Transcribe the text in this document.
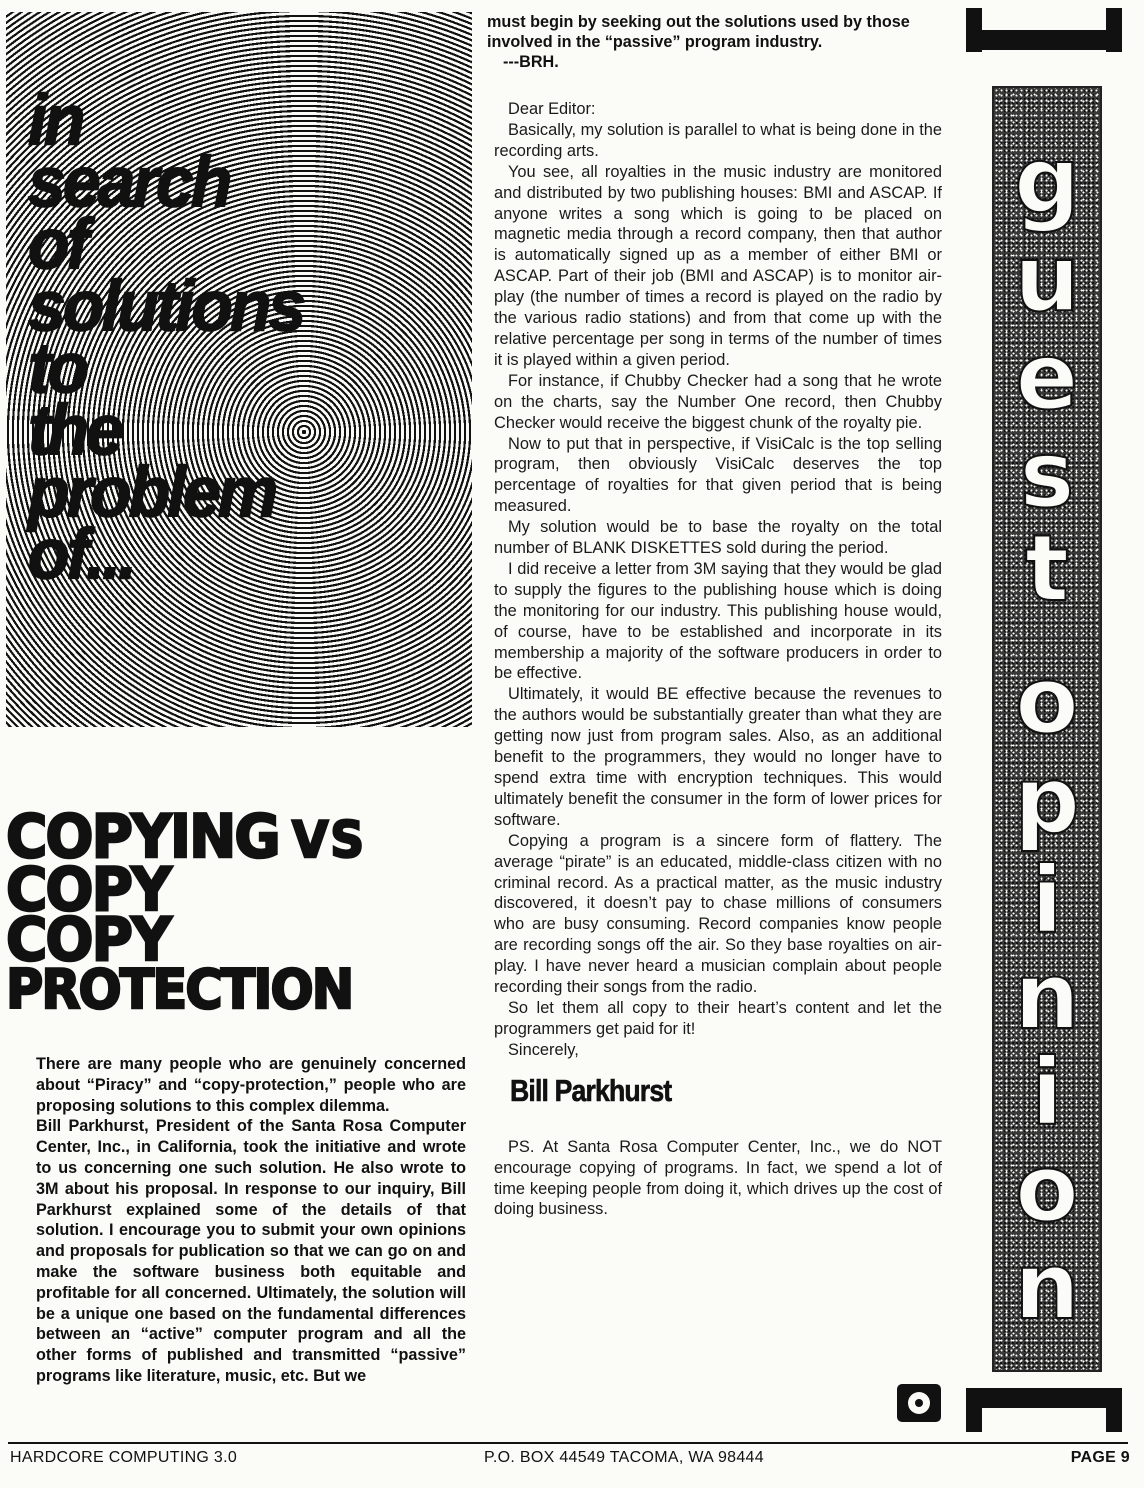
in
search
of
solutions
to
the
problem
of...
COPYING VS
COPY
COPY
PROTECTION

There are many people who are genuinely concerned about “Piracy” and “copy-protection,” people who are proposing solutions to this complex dilemma.

Bill Parkhurst, President of the Santa Rosa Computer Center, Inc., in California, took the initiative and wrote to us concerning one such solution. He also wrote to 3M about his proposal. In response to our inquiry, Bill Parkhurst explained some of the details of that solution. I encourage you to submit your own opinions and proposals for publication so that we can go on and make the software business both equitable and profitable for all concerned. Ultimately, the solution will be a unique one based on the fundamental differences between an “active” computer program and all the other forms of published and transmitted “passive” programs like literature, music, etc. But we

must begin by seeking out the solutions used by those involved in the “passive” program industry.

---BRH.

Dear Editor:

Basically, my solution is parallel to what is being done in the recording arts.

You see, all royalties in the music industry are monitored and distributed by two publishing houses: BMI and ASCAP. If anyone writes a song which is going to be placed on magnetic media through a record company, then that author is automatically signed up as a member of either BMI or ASCAP. Part of their job (BMI and ASCAP) is to monitor air-play (the number of times a record is played on the radio by the various radio stations) and from that come up with the relative percentage per song in terms of the number of times it is played within a given period.

For instance, if Chubby Checker had a song that he wrote on the charts, say the Number One record, then Chubby Checker would receive the biggest chunk of the royalty pie.

Now to put that in perspective, if VisiCalc is the top selling program, then obviously VisiCalc deserves the top percentage of royalties for that given period that is being measured.

My solution would be to base the royalty on the total number of BLANK DISKETTES sold during the period.

I did receive a letter from 3M saying that they would be glad to supply the figures to the publishing house which is doing the monitoring for our industry. This publishing house would, of course, have to be established and incorporate in its membership a majority of the software producers in order to be effective.

Ultimately, it would BE effective because the revenues to the authors would be substantially greater than what they are getting now just from program sales. Also, as an additional benefit to the programmers, they would no longer have to spend extra time with encryption techniques. This would ultimately benefit the consumer in the form of lower prices for software.

Copying a program is a sincere form of flattery. The average “pirate” is an educated, middle-class citizen with no criminal record. As a practical matter, as the music industry discovered, it doesn’t pay to chase millions of consumers who are busy consuming. Record companies know people are recording songs off the air. So they base royalties on air-play. I have never heard a musician complain about people recording their songs from the radio.

So let them all copy to their heart’s content and let the programmers get paid for it!

Sincerely,

Bill Parkhurst

PS. At Santa Rosa Computer Center, Inc., we do NOT encourage copying of programs. In fact, we spend a lot of time keeping people from doing it, which drives up the cost of doing business.

g
u
e
s
t
o
p
i
n
i
o
n
HARDCORE COMPUTING 3.0	P.O. BOX 44549 TACOMA, WA 98444	PAGE 9
